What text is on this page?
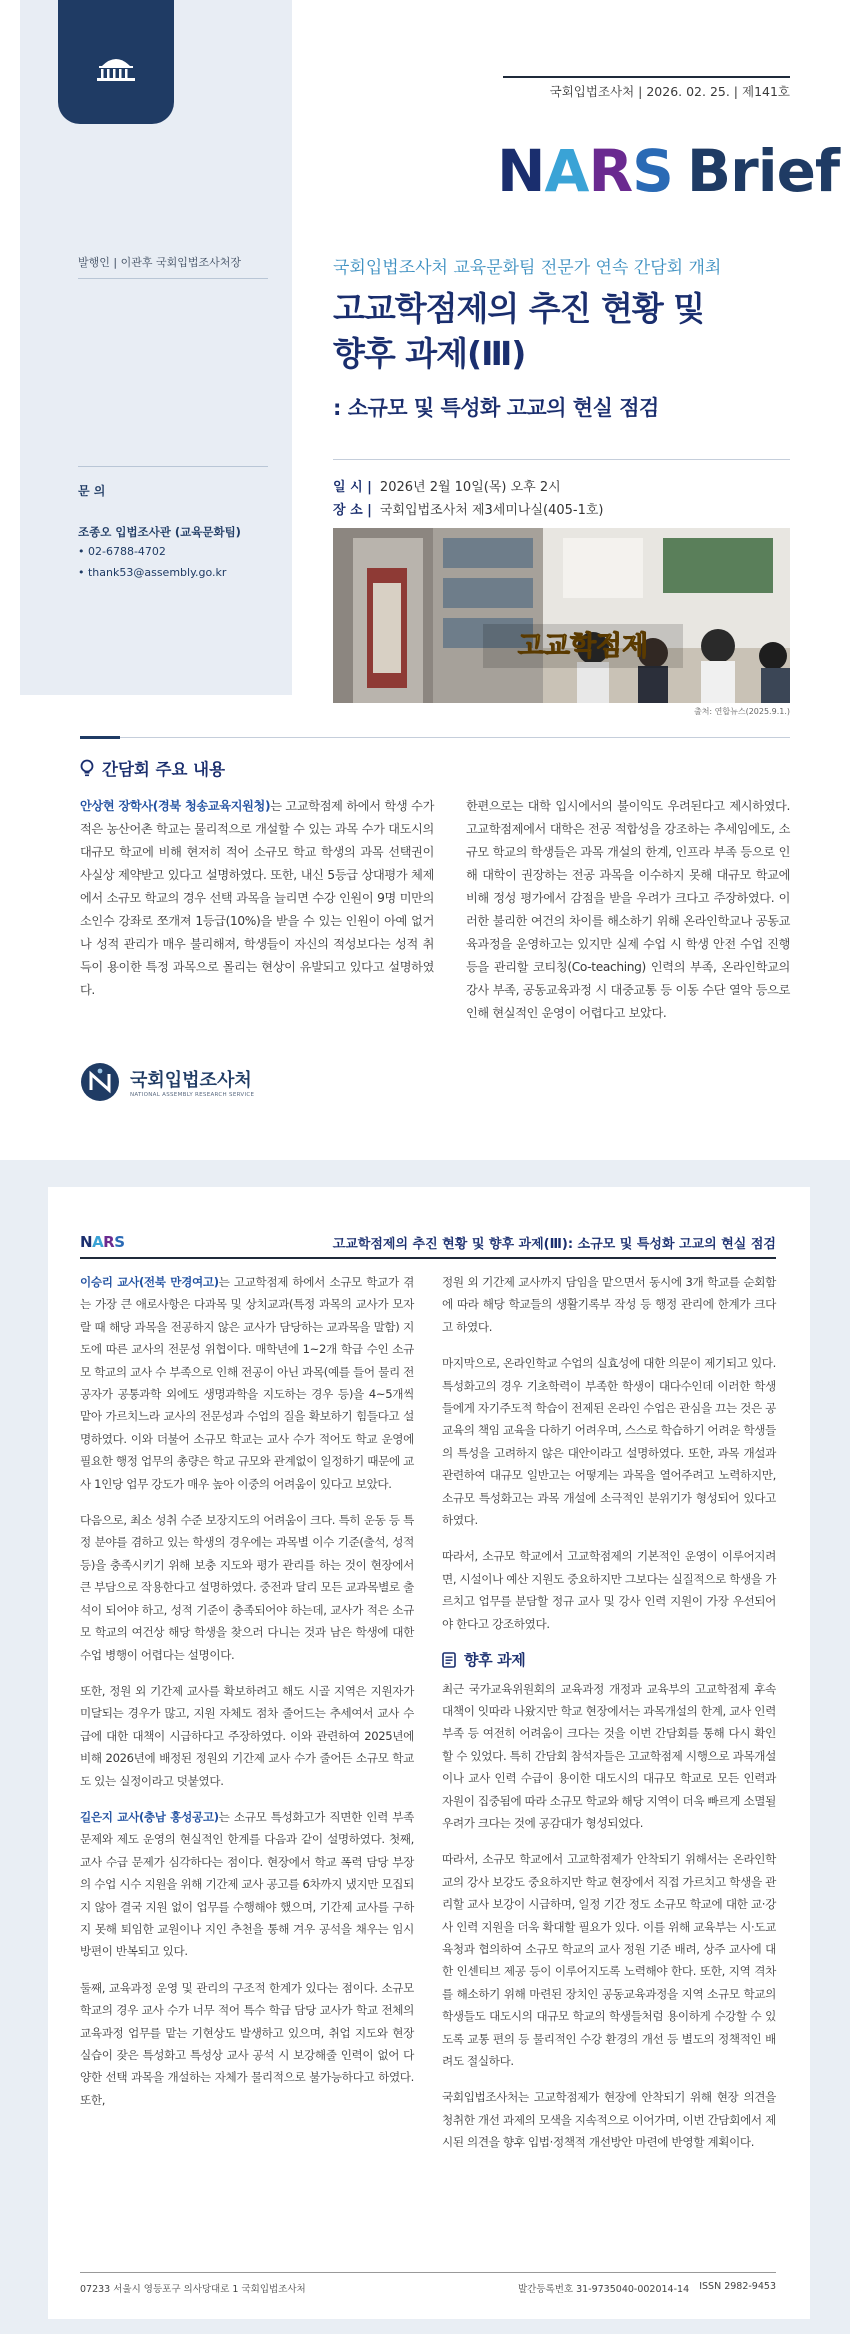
발행인 | 이관후 국회입법조사처장
문 의
조종오 입법조사관 (교육문화팀)
• 02-6788-4702
• thank53@assembly.go.kr
국회입법조사처 | 2026. 02. 25. | 제141호
NARS Brief
국회입법조사처 교육문화팀 전문가 연속 간담회 개최
고교학점제의 추진 현황 및
향후 과제(Ⅲ)
: 소규모 및 특성화 고교의 현실 점검
일 시 | 2026년 2월 10일(목) 오후 2시
장 소 | 국회입법조사처 제3세미나실(405-1호)
고교학점제
출처: 연합뉴스(2025.9.1.)
간담회 주요 내용

안상현 장학사(경북 청송교육지원청)는 고교학점제 하에서 학생 수가 적은 농산어촌 학교는 물리적으로 개설할 수 있는 과목 수가 대도시의 대규모 학교에 비해 현저히 적어 소규모 학교 학생의 과목 선택권이 사실상 제약받고 있다고 설명하였다. 또한, 내신 5등급 상대평가 체제에서 소규모 학교의 경우 선택 과목을 늘리면 수강 인원이 9명 미만의 소인수 강좌로 쪼개져 1등급(10%)을 받을 수 있는 인원이 아예 없거나 성적 관리가 매우 불리해져, 학생들이 자신의 적성보다는 성적 취득이 용이한 특정 과목으로 몰리는 현상이 유발되고 있다고 설명하였다.

한편으로는 대학 입시에서의 불이익도 우려된다고 제시하였다. 고교학점제에서 대학은 전공 적합성을 강조하는 추세임에도, 소규모 학교의 학생들은 과목 개설의 한계, 인프라 부족 등으로 인해 대학이 권장하는 전공 과목을 이수하지 못해 대규모 학교에 비해 정성 평가에서 감점을 받을 우려가 크다고 주장하였다. 이러한 불리한 여건의 차이를 해소하기 위해 온라인학교나 공동교육과정을 운영하고는 있지만 실제 수업 시 학생 안전 수업 진행 등을 관리할 코티칭(Co-teaching) 인력의 부족, 온라인학교의 강사 부족, 공동교육과정 시 대중교통 등 이동 수단 열악 등으로 인해 현실적인 운영이 어렵다고 보았다.

국회입법조사처
NATIONAL ASSEMBLY RESEARCH SERVICE
NARS	고교학점제의 추진 현황 및 향후 과제(Ⅲ): 소규모 및 특성화 고교의 현실 점검

이승리 교사(전북 만경여고)는 고교학점제 하에서 소규모 학교가 겪는 가장 큰 애로사항은 다과목 및 상치교과(특정 과목의 교사가 모자랄 때 해당 과목을 전공하지 않은 교사가 담당하는 교과목을 말함) 지도에 따른 교사의 전문성 위협이다. 매학년에 1~2개 학급 수인 소규모 학교의 교사 수 부족으로 인해 전공이 아닌 과목(예를 들어 물리 전공자가 공통과학 외에도 생명과학을 지도하는 경우 등)을 4~5개씩 맡아 가르치느라 교사의 전문성과 수업의 질을 확보하기 힘들다고 설명하였다. 이와 더불어 소규모 학교는 교사 수가 적어도 학교 운영에 필요한 행정 업무의 총량은 학교 규모와 관계없이 일정하기 때문에 교사 1인당 업무 강도가 매우 높아 이중의 어려움이 있다고 보았다.

다음으로, 최소 성취 수준 보장지도의 어려움이 크다. 특히 운동 등 특정 분야를 겸하고 있는 학생의 경우에는 과목별 이수 기준(출석, 성적 등)을 충족시키기 위해 보충 지도와 평가 관리를 하는 것이 현장에서 큰 부담으로 작용한다고 설명하였다. 중전과 달리 모든 교과목별로 출석이 되어야 하고, 성적 기준이 충족되어야 하는데, 교사가 적은 소규모 학교의 여건상 해당 학생을 찾으러 다니는 것과 남은 학생에 대한 수업 병행이 어렵다는 설명이다.

또한, 정원 외 기간제 교사를 확보하려고 해도 시골 지역은 지원자가 미달되는 경우가 많고, 지원 자체도 점차 줄어드는 추세여서 교사 수급에 대한 대책이 시급하다고 주장하였다. 이와 관련하여 2025년에 비해 2026년에 배정된 정원외 기간제 교사 수가 줄어든 소규모 학교도 있는 실정이라고 덧붙였다.

길은지 교사(충남 홍성공고)는 소규모 특성화고가 직면한 인력 부족 문제와 제도 운영의 현실적인 한계를 다음과 같이 설명하였다. 첫째, 교사 수급 문제가 심각하다는 점이다. 현장에서 학교 폭력 담당 부장의 수업 시수 지원을 위해 기간제 교사 공고를 6차까지 냈지만 모집되지 않아 결국 지원 없이 업무를 수행해야 했으며, 기간제 교사를 구하지 못해 퇴임한 교원이나 지인 추천을 통해 겨우 공석을 채우는 임시방편이 반복되고 있다.

둘째, 교육과정 운영 및 관리의 구조적 한계가 있다는 점이다. 소규모 학교의 경우 교사 수가 너무 적어 특수 학급 담당 교사가 학교 전체의 교육과정 업무를 맡는 기현상도 발생하고 있으며, 취업 지도와 현장 실습이 잦은 특성화고 특성상 교사 공석 시 보강해줄 인력이 없어 다양한 선택 과목을 개설하는 자체가 물리적으로 불가능하다고 하였다. 또한,

정원 외 기간제 교사까지 담임을 맡으면서 동시에 3개 학교를 순회함에 따라 해당 학교들의 생활기록부 작성 등 행정 관리에 한계가 크다고 하였다.

마지막으로, 온라인학교 수업의 실효성에 대한 의문이 제기되고 있다. 특성화고의 경우 기초학력이 부족한 학생이 대다수인데 이러한 학생들에게 자기주도적 학습이 전제된 온라인 수업은 관심을 끄는 것은 공교육의 책임 교육을 다하기 어려우며, 스스로 학습하기 어려운 학생들의 특성을 고려하지 않은 대안이라고 설명하였다. 또한, 과목 개설과 관련하여 대규모 일반고는 어떻게는 과목을 열어주려고 노력하지만, 소규모 특성화고는 과목 개설에 소극적인 분위기가 형성되어 있다고 하였다.

따라서, 소규모 학교에서 고교학점제의 기본적인 운영이 이루어지려면, 시설이나 예산 지원도 중요하지만 그보다는 실질적으로 학생을 가르치고 업무를 분담할 정규 교사 및 강사 인력 지원이 가장 우선되어야 한다고 강조하였다.

향후 과제

최근 국가교육위원회의 교육과정 개정과 교육부의 고교학점제 후속 대책이 잇따라 나왔지만 학교 현장에서는 과목개설의 한계, 교사 인력 부족 등 여전히 어려움이 크다는 것을 이번 간담회를 통해 다시 확인할 수 있었다. 특히 간담회 참석자들은 고교학점제 시행으로 과목개설이나 교사 인력 수급이 용이한 대도시의 대규모 학교로 모든 인력과 자원이 집중됨에 따라 소규모 학교와 해당 지역이 더욱 빠르게 소멸될 우려가 크다는 것에 공감대가 형성되었다.

따라서, 소규모 학교에서 고교학점제가 안착되기 위해서는 온라인학교의 강사 보강도 중요하지만 학교 현장에서 직접 가르치고 학생을 관리할 교사 보강이 시급하며, 일정 기간 정도 소규모 학교에 대한 교·강사 인력 지원을 더욱 확대할 필요가 있다. 이를 위해 교육부는 시·도교육청과 협의하여 소규모 학교의 교사 정원 기준 배려, 상주 교사에 대한 인센티브 제공 등이 이루어지도록 노력해야 한다. 또한, 지역 격차를 해소하기 위해 마련된 장치인 공동교육과정을 지역 소규모 학교의 학생들도 대도시의 대규모 학교의 학생들처럼 용이하게 수강할 수 있도록 교통 편의 등 물리적인 수강 환경의 개선 등 별도의 정책적인 배려도 절실하다.

국회입법조사처는 고교학점제가 현장에 안착되기 위해 현장 의견을 청취한 개선 과제의 모색을 지속적으로 이어가며, 이번 간담회에서 제시된 의견을 향후 입법·정책적 개선방안 마련에 반영할 계획이다.

07233 서울시 영등포구 의사당대로 1 국회입법조사처	발간등록번호 31-9735040-002014-14 ISSN 2982-9453
